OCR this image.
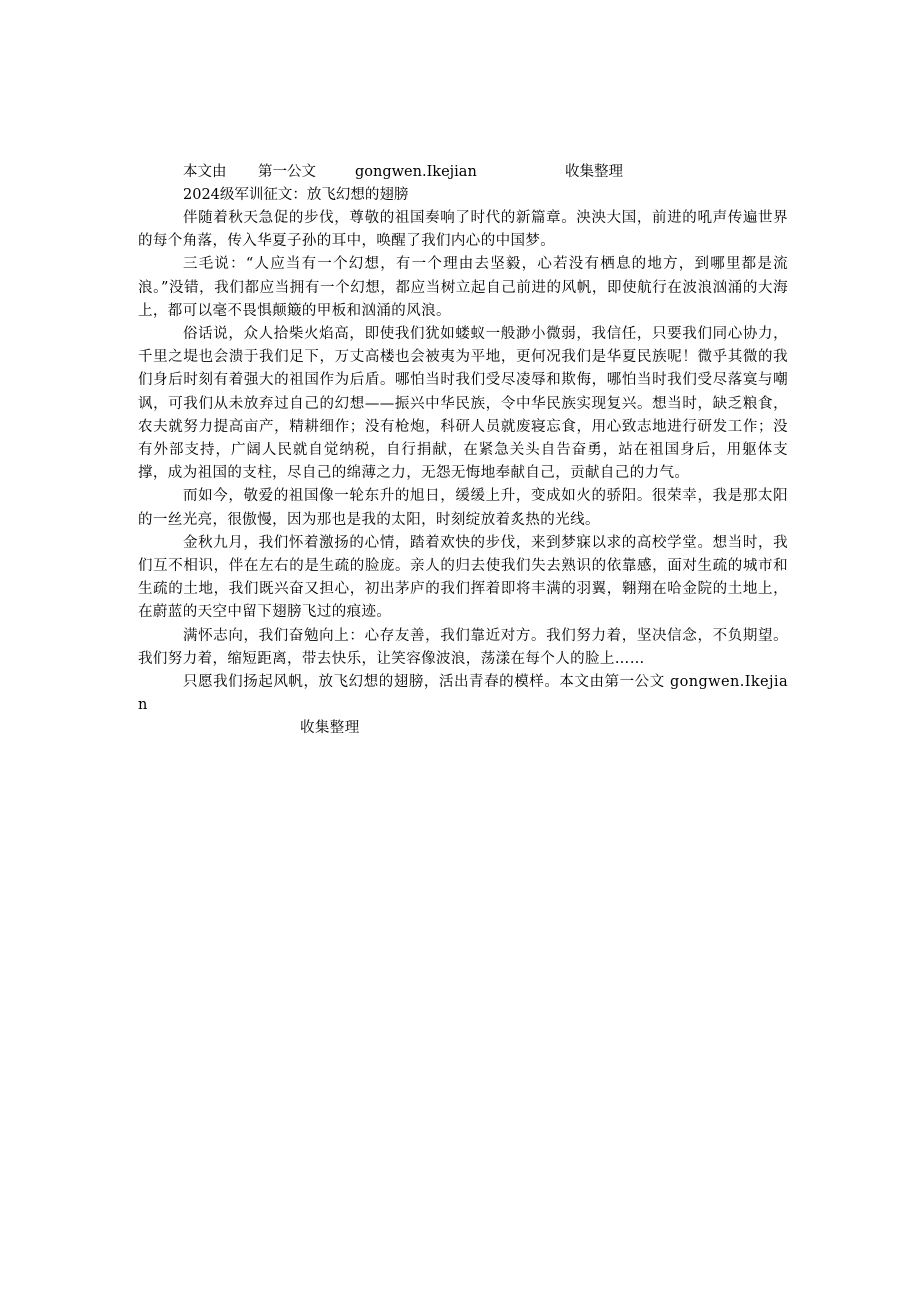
本文由 第一公文	gongwen.Ikejian	收集整理
2024级军训征文：放飞幻想的翅膀

伴随着秋天急促的步伐，尊敬的祖国奏响了时代的新篇章。泱泱大国，前进的吼声传遍世界的每个角落，传入华夏子孙的耳中，唤醒了我们内心的中国梦。

三毛说：“人应当有一个幻想，有一个理由去坚毅，心若没有栖息的地方，到哪里都是流浪。”没错，我们都应当拥有一个幻想，都应当树立起自己前进的风帆，即使航行在波浪汹涌的大海上，都可以毫不畏惧颠簸的甲板和汹涌的风浪。

俗话说，众人拾柴火焰高，即使我们犹如蝼蚁一般渺小微弱，我信任，只要我们同心协力，千里之堤也会溃于我们足下，万丈高楼也会被夷为平地，更何况我们是华夏民族呢！微乎其微的我们身后时刻有着强大的祖国作为后盾。哪怕当时我们受尽凌辱和欺侮，哪怕当时我们受尽落寞与嘲讽，可我们从未放弃过自己的幻想——振兴中华民族，令中华民族实现复兴。想当时，缺乏粮食，农夫就努力提高亩产，精耕细作；没有枪炮，科研人员就废寝忘食，用心致志地进行研发工作；没有外部支持，广阔人民就自觉纳税，自行捐献，在紧急关头自告奋勇，站在祖国身后，用躯体支撑，成为祖国的支柱，尽自己的绵薄之力，无怨无悔地奉献自己，贡献自己的力气。

而如今，敬爱的祖国像一轮东升的旭日，缓缓上升，变成如火的骄阳。很荣幸，我是那太阳的一丝光亮，很傲慢，因为那也是我的太阳，时刻绽放着炙热的光线。

金秋九月，我们怀着激扬的心情，踏着欢快的步伐，来到梦寐以求的高校学堂。想当时，我们互不相识，伴在左右的是生疏的脸庞。亲人的归去使我们失去熟识的依靠感，面对生疏的城市和生疏的土地，我们既兴奋又担心，初出茅庐的我们挥着即将丰满的羽翼，翱翔在哈金院的土地上，在蔚蓝的天空中留下翅膀飞过的痕迹。

满怀志向，我们奋勉向上：心存友善，我们靠近对方。我们努力着，坚决信念，不负期望。我们努力着，缩短距离，带去快乐，让笑容像波浪，荡漾在每个人的脸上……

只愿我们扬起风帆，放飞幻想的翅膀，活出青春的模样。本文由第一公文 gongwen.Ikejian
收集整理
